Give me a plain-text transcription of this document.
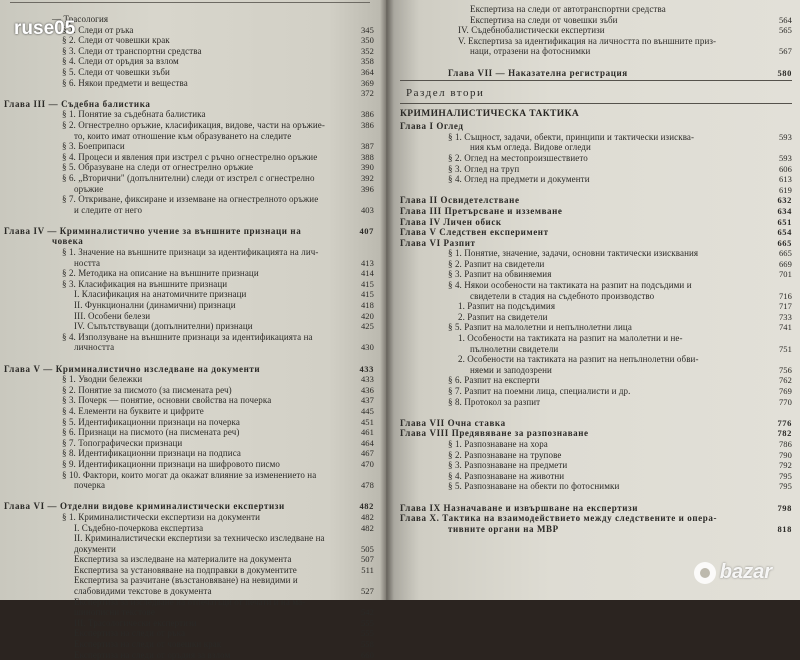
— Трасология
§ 1. Следи от ръка	345
§ 2. Следи от човешки крак	350
§ 3. Следи от транспортни средства	352
§ 4. Следи от оръдия за взлом	358
§ 5. Следи от човешки зъби	364
§ 6. Някои предмети и вещества	369
372
Глава III — Съдебна балистика
§ 1. Понятие за съдебната балистика	386
§ 2. Огнестрелно оръжие, класификация, видове, части на оръжие-	386
то, които имат отношение към образуването на следите
§ 3. Боеприпаси	387
§ 4. Процеси и явления при изстрел с ръчно огнестрелно оръжие	388
§ 5. Образуване на следи от огнестрелно оръжие	390
§ 6. „Вторични" (допълнителни) следи от изстрел с огнестрелно	392
оръжие	396
§ 7. Откриване, фиксиране и изземване на огнестрелното оръжие
и следите от него	403
Глава IV — Криминалистично учение за външните признаци на	407
човека
§ 1. Значение на външните признаци за идентификацията на лич-
ността	413
§ 2. Методика на описание на външните признаци	414
§ 3. Класификация на външните признаци	415
I. Класификация на анатомичните признаци	415
II. Функционални (динамични) признаци	418
III. Особени белези	420
IV. Съпътствуващи (допълнителни) признаци	425
§ 4. Използуване на външните признаци за идентификацията на
личността	430
Глава V — Криминалистично изследване на документи	433
§ 1. Уводни бележки	433
§ 2. Понятие за писмото (за писмената реч)	436
§ 3. Почерк — понятие, основни свойства на почерка	437
§ 4. Елементи на буквите и цифрите	445
§ 5. Идентификационни признаци на почерка	451
§ 6. Признаци на писмото (на писмената реч)	461
§ 7. Топографически признаци	464
§ 8. Идентификационни признаци на подписа	467
§ 9. Идентификационни признаци на шифровото писмо	470
§ 10. Фактори, които могат да окажат влияние за изменението на
почерка	478
Глава VI — Отделни видове криминалистически експертизи	482
§ 1. Криминалистически експертизи на документи	482
I. Съдебно-почеркова експертиза	482
II. Криминалистически експертизи за техническо изследване на
документи	505
Експертиза за изследване на материалите на документа	507
Експертиза за установяване на подправки в документите	511
Експертиза за разчитане (възстановяване) на невидими и
слабовидими текстове в документа	527
Експертиза за изследване на отпечатъци от печати и на ма-
шинописни текстове	542
III. Трасологически експертизи	555
Експертиза на следи от ръка	555
Експертиза на следи от човешки крак	558
Експертиза на следи от оръдия за взлом	660
Експертиза на следи от автотранспортни средства
Експертиза на следи от човешки зъби	564
IV. Съдебнобалистически експертизи	565
V. Експертиза за идентификация на личността по външните приз-
наци, отразени на фотоснимки	567
Глава VII — Наказателна регистрация	580
Раздел втори
КРИМИНАЛИСТИЧЕСКА ТАКТИКА
Глава I Оглед
§ 1. Същност, задачи, обекти, принципи и тактически изисква-	593
ния към огледа. Видове огледи
§ 2. Оглед на местопроизшествието	593
§ 3. Оглед на труп	606
§ 4. Оглед на предмети и документи	613
619
Глава II Освидетелстване	632
Глава III Претърсване и изземване	634
Глава IV Личен обиск	651
Глава V Следствен експеримент	654
Глава VI Разпит	665
§ 1. Понятие, значение, задачи, основни тактически изисквания	665
§ 2. Разпит на свидетели	669
§ 3. Разпит на обвиняемия	701
§ 4. Някои особености на тактиката на разпит на подсъдими и
свидетели в стадия на съдебното производство	716
1. Разпит на подсъдимия	717
2. Разпит на свидетели	733
§ 5. Разпит на малолетни и непълнолетни лица	741
1. Особености на тактиката на разпит на малолетни и не-
пълнолетни свидетели	751
2. Особености на тактиката на разпит на непълнолетни обви-
няеми и заподозрени	756
§ 6. Разпит на експерти	762
§ 7. Разпит на поемни лица, специалисти и др.	769
§ 8. Протокол за разпит	770
Глава VII Очна ставка	776
Глава VIII Предявяване за разпознаване	782
§ 1. Разпознаване на хора	786
§ 2. Разпознаване на трупове	790
§ 3. Разпознаване на предмети	792
§ 4. Разпознаване на животни	795
§ 5. Разпознаване на обекти по фотоснимки	795
Глава IX Назначаване и извършване на експертизи	798
Глава X. Тактика на взаимодействието между следствените и опера-
тивните органи на МВР	818
ruse05
bazar
